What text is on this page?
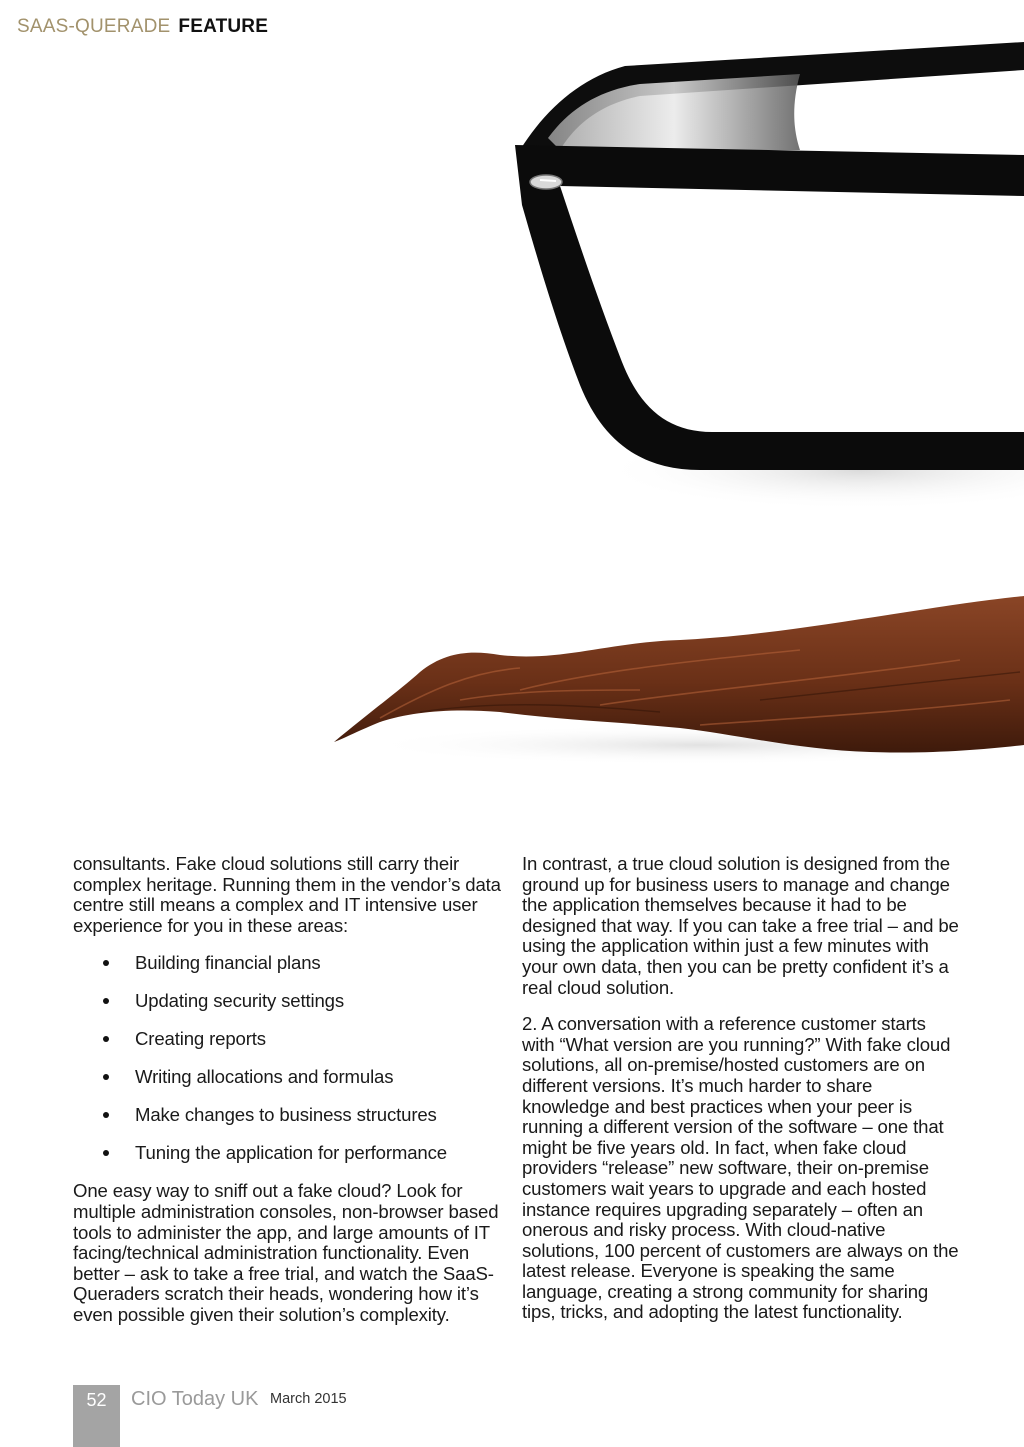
SAAS-QUERADE FEATURE

consultants. Fake cloud solutions still carry their complex heritage. Running them in the vendor’s data centre still means a complex and IT intensive user experience for you in these areas:

Building financial plans
Updating security settings
Creating reports
Writing allocations and formulas
Make changes to business structures
Tuning the application for performance

One easy way to sniff out a fake cloud? Look for multiple administration consoles, non-browser based tools to administer the app, and large amounts of IT facing/technical administration functionality. Even better – ask to take a free trial, and watch the SaaS-Queraders scratch their heads, wondering how it’s even possible given their solution’s complexity.

In contrast, a true cloud solution is designed from the ground up for business users to manage and change the application themselves because it had to be designed that way. If you can take a free trial – and be using the application within just a few minutes with your own data, then you can be pretty confident it’s a real cloud solution.

2. A conversation with a reference customer starts with “What version are you running?” With fake cloud solutions, all on-premise/hosted customers are on different versions. It’s much harder to share knowledge and best practices when your peer is running a different version of the software – one that might be five years old. In fact, when fake cloud providers “release” new software, their on-premise customers wait years to upgrade and each hosted instance requires upgrading separately – often an onerous and risky process. With cloud-native solutions, 100 percent of customers are always on the latest release. Everyone is speaking the same language, creating a strong community for sharing tips, tricks, and adopting the latest functionality.

52	CIO Today UK March 2015
